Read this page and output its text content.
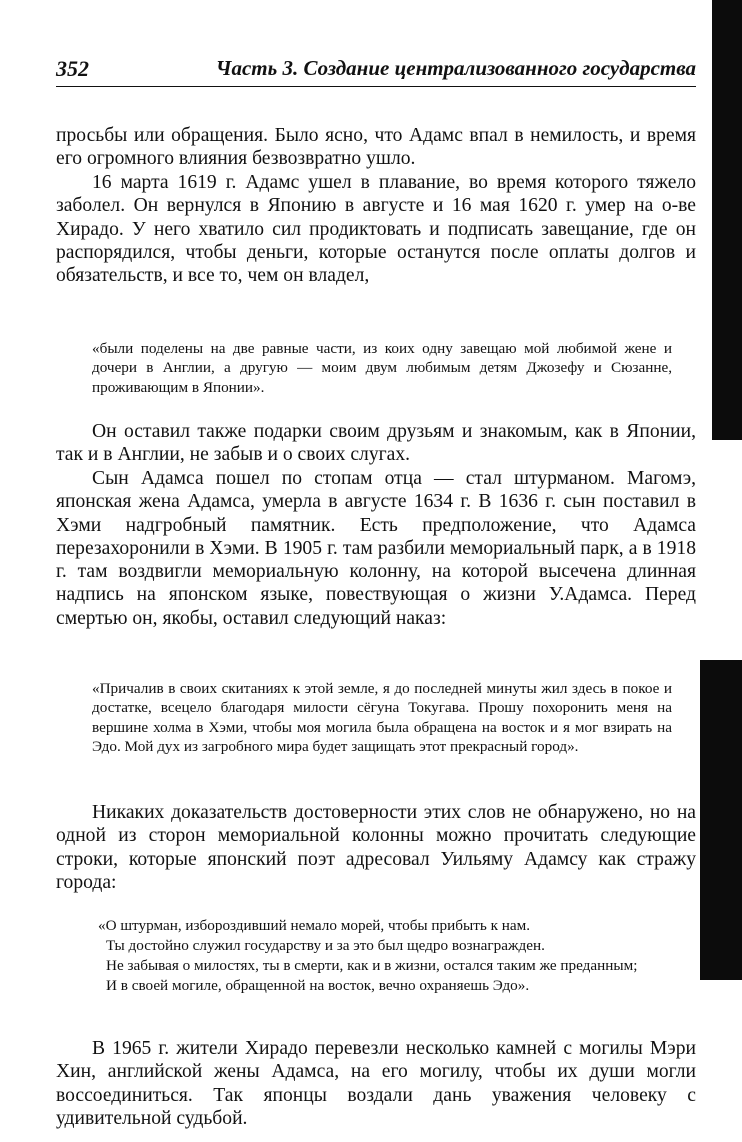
352	Часть 3. Создание централизованного государства

просьбы или обращения. Было ясно, что Адамс впал в немилость, и время его огромного влияния безвозвратно ушло.

16 марта 1619 г. Адамс ушел в плавание, во время которого тяжело заболел. Он вернулся в Японию в августе и 16 мая 1620 г. умер на о-ве Хирадо. У него хватило сил продиктовать и подписать завещание, где он распорядился, чтобы деньги, которые останутся после оплаты долгов и обязательств, и все то, чем он владел,

«были поделены на две равные части, из коих одну завещаю мой любимой жене и дочери в Англии, а другую — моим двум любимым детям Джозефу и Сюзанне, проживающим в Японии».

Он оставил также подарки своим друзьям и знакомым, как в Японии, так и в Англии, не забыв и о своих слугах.

Сын Адамса пошел по стопам отца — стал штурманом. Магомэ, японская жена Адамса, умерла в августе 1634 г. В 1636 г. сын поставил в Хэми надгробный памятник. Есть предположение, что Адамса перезахоронили в Хэми. В 1905 г. там разбили мемориальный парк, а в 1918 г. там воздвигли мемориальную колонну, на которой высечена длинная надпись на японском языке, повествующая о жизни У.Адамса. Перед смертью он, якобы, оставил следующий наказ:

«Причалив в своих скитаниях к этой земле, я до последней минуты жил здесь в покое и достатке, всецело благодаря милости сёгуна Токугава. Прошу похоронить меня на вершине холма в Хэми, чтобы моя могила была обращена на восток и я мог взирать на Эдо. Мой дух из загробного мира будет защищать этот прекрасный город».

Никаких доказательств достоверности этих слов не обнаружено, но на одной из сторон мемориальной колонны можно прочитать следующие строки, которые японский поэт адресовал Уильяму Адамсу как стражу города:

«О штурман, избороздивший немало морей, чтобы прибыть к нам.
Ты достойно служил государству и за это был щедро вознагражден.
Не забывая о милостях, ты в смерти, как и в жизни, остался таким же преданным;
И в своей могиле, обращенной на восток, вечно охраняешь Эдо».

В 1965 г. жители Хирадо перевезли несколько камней с могилы Мэри Хин, английской жены Адамса, на его могилу, чтобы их души могли воссоединиться. Так японцы воздали дань уважения человеку с удивительной судьбой.
